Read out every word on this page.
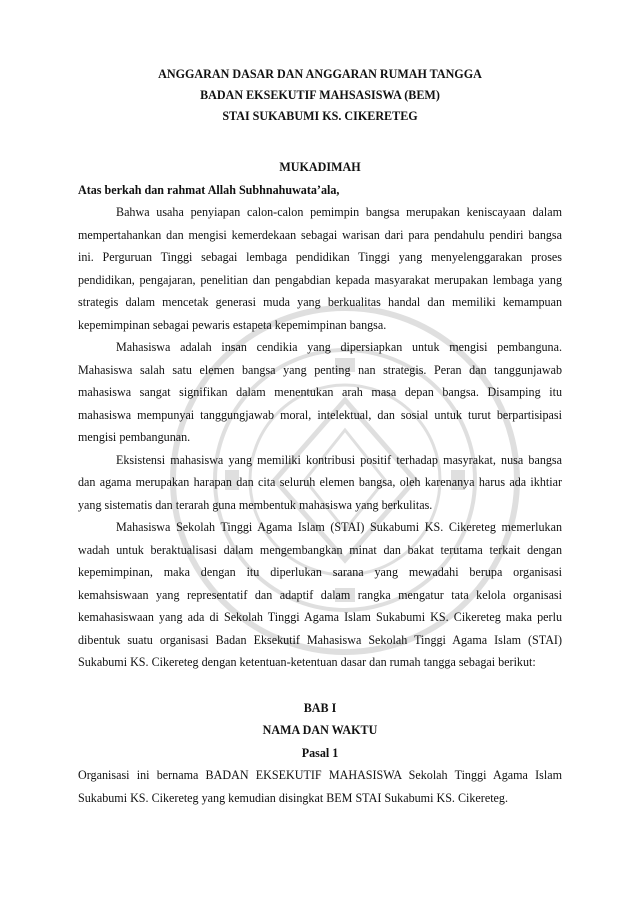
ANGGARAN DASAR DAN ANGGARAN RUMAH TANGGA
BADAN EKSEKUTIF MAHSASISWA (BEM)
STAI SUKABUMI KS. CIKERETEG
MUKADIMAH

Atas berkah dan rahmat Allah Subhnahuwata’ala,

Bahwa usaha penyiapan calon-calon pemimpin bangsa merupakan keniscayaan dalam mempertahankan dan mengisi kemerdekaan sebagai warisan dari para pendahulu pendiri bangsa ini. Perguruan Tinggi sebagai lembaga pendidikan Tinggi yang menyelenggarakan proses pendidikan, pengajaran, penelitian dan pengabdian kepada masyarakat merupakan lembaga yang strategis dalam mencetak generasi muda yang berkualitas handal dan memiliki kemampuan kepemimpinan sebagai pewaris estapeta kepemimpinan bangsa.

Mahasiswa adalah insan cendikia yang dipersiapkan untuk mengisi pembanguna. Mahasiswa salah satu elemen bangsa yang penting nan strategis. Peran dan tanggunjawab mahasiswa sangat signifikan dalam menentukan arah masa depan bangsa. Disamping itu mahasiswa mempunyai tanggungjawab moral, intelektual, dan sosial untuk turut berpartisipasi mengisi pembangunan.

Eksistensi mahasiswa yang memiliki kontribusi positif terhadap masyrakat, nusa bangsa dan agama merupakan harapan dan cita seluruh elemen bangsa, oleh karenanya harus ada ikhtiar yang sistematis dan terarah guna membentuk mahasiswa yang berkulitas.

Mahasiswa Sekolah Tinggi Agama Islam (STAI) Sukabumi KS. Cikereteg memerlukan wadah untuk beraktualisasi dalam mengembangkan minat dan bakat terutama terkait dengan kepemimpinan, maka dengan itu diperlukan sarana yang mewadahi berupa organisasi kemahsiswaan yang representatif dan adaptif dalam rangka mengatur tata kelola organisasi kemahasiswaan yang ada di Sekolah Tinggi Agama Islam Sukabumi KS. Cikereteg maka perlu dibentuk suatu organisasi Badan Eksekutif Mahasiswa Sekolah Tinggi Agama Islam (STAI) Sukabumi KS. Cikereteg dengan ketentuan-ketentuan dasar dan rumah tangga sebagai berikut:

BAB I
NAMA DAN WAKTU
Pasal 1

Organisasi ini bernama BADAN EKSEKUTIF MAHASISWA Sekolah Tinggi Agama Islam Sukabumi KS. Cikereteg yang kemudian disingkat BEM STAI Sukabumi KS. Cikereteg.
